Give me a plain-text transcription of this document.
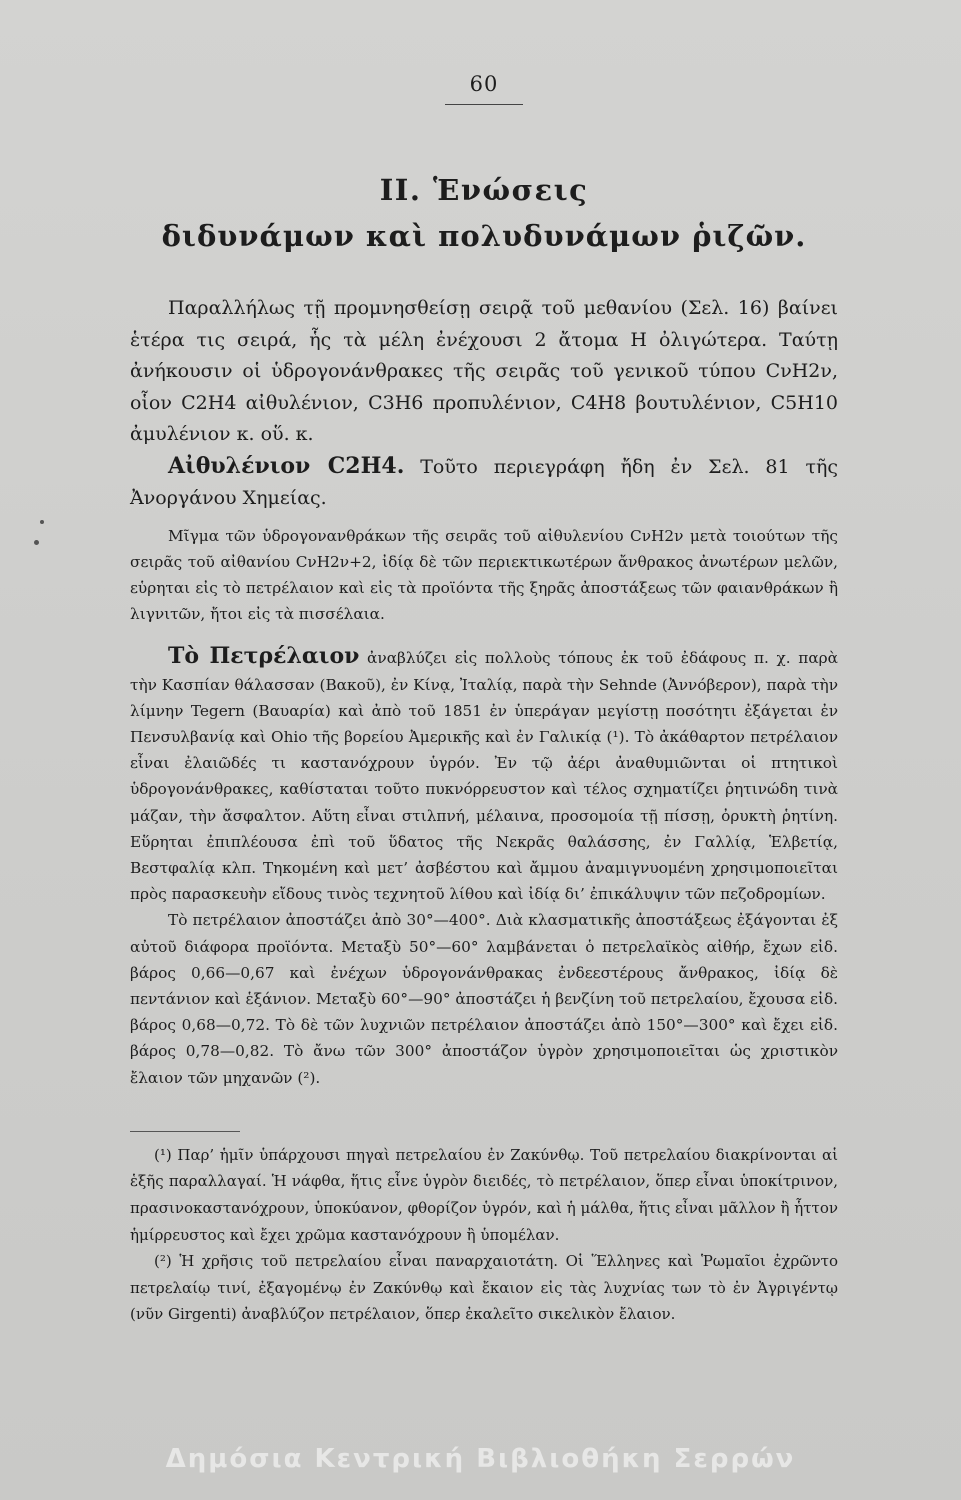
60
ΙΙ. Ἑνώσεις
διδυνάμων καὶ πολυδυνάμων ῥιζῶν.

Παραλλήλως τῇ προμνησθείσῃ σειρᾷ τοῦ μεθανίου (Σελ. 16) βαίνει ἑτέρα τις σειρά, ἧς τὰ μέλη ἐνέχουσι 2 ἄτομα Η ὀλιγώτερα. Ταύτῃ ἀνήκουσιν οἱ ὑδρογονάνθρακες τῆς σειρᾶς τοῦ γενικοῦ τύπου CνΗ2ν, οἷον C2H4 αἰθυλένιον, C3H6 προπυλένιον, C4H8 βουτυλένιον, C5H10 ἀμυλένιον κ. οὕ. κ.

Αἰθυλένιον C2H4. Τοῦτο περιεγράφη ἤδη ἐν Σελ. 81 τῆς Ἀνοργάνου Χημείας.

Μῖγμα τῶν ὑδρογονανθράκων τῆς σειρᾶς τοῦ αἰθυλενίου CνΗ2ν μετὰ τοιούτων τῆς σειρᾶς τοῦ αἰθανίου CνΗ2ν+2, ἰδίᾳ δὲ τῶν περιεκτικωτέρων ἄνθρακος ἀνωτέρων μελῶν, εὑρηται εἰς τὸ πετρέλαιον καὶ εἰς τὰ προϊόντα τῆς ξηρᾶς ἀποστάξεως τῶν φαιανθράκων ἢ λιγνιτῶν, ἤτοι εἰς τὰ πισσέλαια.

Τὸ Πετρέλαιον ἀναβλύζει εἰς πολλοὺς τόπους ἐκ τοῦ ἐδάφους π. χ. παρὰ τὴν Κασπίαν θάλασσαν (Βακοῦ), ἐν Κίνᾳ, Ἰταλίᾳ, παρὰ τὴν Sehnde (Ἀννόβερον), παρὰ τὴν λίμνην Tegern (Βαυαρία) καὶ ἀπὸ τοῦ 1851 ἐν ὑπεράγαν μεγίστῃ ποσότητι ἐξάγεται ἐν Πενσυλβανίᾳ καὶ Ohio τῆς βορείου Ἀμερικῆς καὶ ἐν Γαλικίᾳ (¹). Τὸ ἀκάθαρτον πετρέλαιον εἶναι ἐλαιῶδές τι καστανόχρουν ὑγρόν. Ἐν τῷ ἀέρι ἀναθυμιῶνται οἱ πτητικοὶ ὑδρογονάνθρακες, καθίσταται τοῦτο πυκνόρρευστον καὶ τέλος σχηματίζει ῥητινώδη τινὰ μάζαν, τὴν ἄσφαλτον. Αὕτη εἶναι στιλπνή, μέλαινα, προσομοία τῇ πίσσῃ, ὀρυκτὴ ῥητίνη. Εὕρηται ἐπιπλέουσα ἐπὶ τοῦ ὕδατος τῆς Νεκρᾶς θαλάσσης, ἐν Γαλλίᾳ, Ἑλβετίᾳ, Βεστφαλίᾳ κλπ. Τηκομένη καὶ μετ’ ἀσβέστου καὶ ἄμμου ἀναμιγνυομένη χρησιμοποιεῖται πρὸς παρασκευὴν εἴδους τινὸς τεχνητοῦ λίθου καὶ ἰδίᾳ δι’ ἐπικάλυψιν τῶν πεζοδρομίων.

Τὸ πετρέλαιον ἀποστάζει ἀπὸ 30°—400°. Διὰ κλασματικῆς ἀποστάξεως ἐξάγονται ἐξ αὐτοῦ διάφορα προϊόντα. Μεταξὺ 50°—60° λαμβάνεται ὁ πετρελαϊκὸς αἰθήρ, ἔχων εἰδ. βάρος 0,66—0,67 καὶ ἐνέχων ὑδρογονάνθρακας ἐνδεεστέρους ἄνθρακος, ἰδίᾳ δὲ πεντάνιον καὶ ἑξάνιον. Μεταξὺ 60°—90° ἀποστάζει ἡ βενζίνη τοῦ πετρελαίου, ἔχουσα εἰδ. βάρος 0,68—0,72. Τὸ δὲ τῶν λυχνιῶν πετρέλαιον ἀποστάζει ἀπὸ 150°—300° καὶ ἔχει εἰδ. βάρος 0,78—0,82. Τὸ ἄνω τῶν 300° ἀποστάζον ὑγρὸν χρησιμοποιεῖται ὡς χριστικὸν ἔλαιον τῶν μηχανῶν (²).

(¹) Παρ’ ἡμῖν ὑπάρχουσι πηγαὶ πετρελαίου ἐν Ζακύνθῳ. Τοῦ πετρελαίου διακρίνονται αἱ ἑξῆς παραλλαγαί. Ἡ νάφθα, ἥτις εἶνε ὑγρὸν διειδές, τὸ πετρέλαιον, ὅπερ εἶναι ὑποκίτρινον, πρασινοκαστανόχρουν, ὑποκύανον, φθορίζον ὑγρόν, καὶ ἡ μάλθα, ἥτις εἶναι μᾶλλον ἢ ἧττον ἡμίρρευστος καὶ ἔχει χρῶμα καστανόχρουν ἢ ὑπομέλαν.

(²) Ἡ χρῆσις τοῦ πετρελαίου εἶναι παναρχαιοτάτη. Οἱ Ἕλληνες καὶ Ῥωμαῖοι ἐχρῶντο πετρελαίῳ τινί, ἐξαγομένῳ ἐν Ζακύνθῳ καὶ ἔκαιον εἰς τὰς λυχνίας των τὸ ἐν Ἀγριγέντῳ (νῦν Girgenti) ἀναβλύζον πετρέλαιον, ὅπερ ἐκαλεῖτο σικελικὸν ἔλαιον.

Δημόσια Κεντρική Βιβλιοθήκη Σερρών
